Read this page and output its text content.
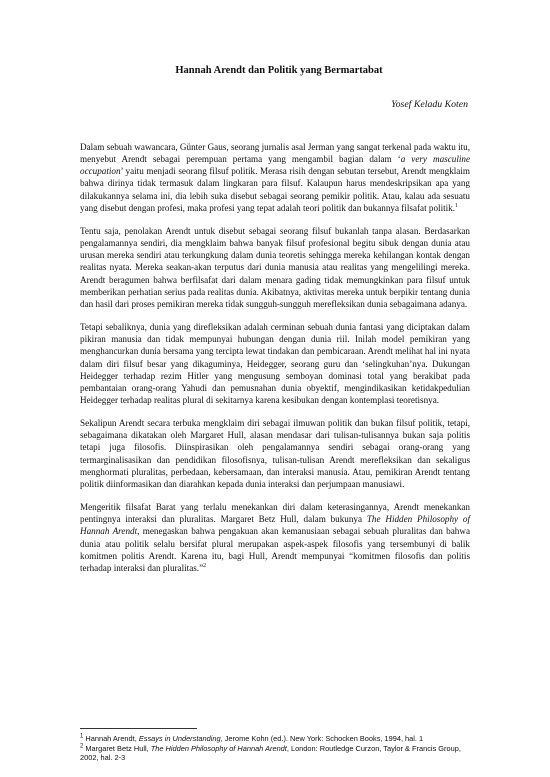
Hannah Arendt dan Politik yang Bermartabat
Yosef Keladu Koten

Dalam sebuah wawancara, Günter Gaus, seorang jurnalis asal Jerman yang sangat terkenal pada waktu itu, menyebut Arendt sebagai perempuan pertama yang mengambil bagian dalam ‘a very masculine occupation’ yaitu menjadi seorang filsuf politik. Merasa risih dengan sebutan tersebut, Arendt mengklaim bahwa dirinya tidak termasuk dalam lingkaran para filsuf. Kalaupun harus mendeskripsikan apa yang dilakukannya selama ini, dia lebih suka disebut sebagai seorang pemikir politik. Atau, kalau ada sesuatu yang disebut dengan profesi, maka profesi yang tepat adalah teori politik dan bukannya filsafat politik.$^1$

Tentu saja, penolakan Arendt untuk disebut sebagai seorang filsuf bukanlah tanpa alasan. Berdasarkan pengalamannya sendiri, dia mengklaim bahwa banyak filsuf profesional begitu sibuk dengan dunia atau urusan mereka sendiri atau terkungkung dalam dunia teoretis sehingga mereka kehilangan kontak dengan realitas nyata. Mereka seakan-akan terputus dari dunia manusia atau realitas yang mengelilingi mereka. Arendt beragumen bahwa berfilsafat dari dalam menara gading tidak memungkinkan para filsuf untuk memberikan perhatian serius pada realitas dunia. Akibatnya, aktivitas mereka untuk berpikir tentang dunia dan hasil dari proses pemikiran mereka tidak sungguh-sungguh merefleksikan dunia sebagaimana adanya.

Tetapi sebaliknya, dunia yang direfleksikan adalah cerminan sebuah dunia fantasi yang diciptakan dalam pikiran manusia dan tidak mempunyai hubungan dengan dunia riil. Inilah model pemikiran yang menghancurkan dunia bersama yang tercipta lewat tindakan dan pembicaraan. Arendt melihat hal ini nyata dalam diri filsuf besar yang dikaguminya, Heidegger, seorang guru dan ‘selingkuhan’nya. Dukungan Heidegger terhadap rezim Hitler yang mengusung semboyan dominasi total yang berakibat pada pembantaian orang-orang Yahudi dan pemusnahan dunia obyektif, mengindikasikan ketidakpedulian Heidegger terhadap realitas plural di sekitarnya karena kesibukan dengan kontemplasi teoretisnya.

Sekalipun Arendt secara terbuka mengklaim diri sebagai ilmuwan politik dan bukan filsuf politik, tetapi, sebagaimana dikatakan oleh Margaret Hull, alasan mendasar dari tulisan-tulisannya bukan saja politis tetapi juga filosofis. Diinspirasikan oleh pengalamannya sendiri sebagai orang-orang yang termarginalisasikan dan pendidikan filosofisnya, tulisan-tulisan Arendt merefleksikan dan sekaligus menghormati pluralitas, perbedaan, kebersamaan, dan interaksi manusia. Atau, pemikiran Arendt tentang politik diinformasikan dan diarahkan kepada dunia interaksi dan perjumpaan manusiawi.

Mengeritik filsafat Barat yang terlalu menekankan diri dalam keterasingannya, Arendt menekankan pentingnya interaksi dan pluralitas. Margaret Betz Hull, dalam bukunya The Hidden Philosophy of Hannah Arendt, menegaskan bahwa pengakuan akan kemanusiaan sebagai sebuah pluralitas dan bahwa dunia atau politik selalu bersifat plural merupakan aspek-aspek filosofis yang tersembunyi di balik komitmen politis Arendt. Karena itu, bagi Hull, Arendt mempunyai “komitmen filosofis dan politis terhadap interaksi dan pluralitas.”$^2$

$^1$ Hannah Arendt, Essays in Understanding, Jerome Kohn (ed.). New York: Schocken Books, 1994, hal. 1

$^2$ Margaret Betz Hull, The Hidden Philosophy of Hannah Arendt, London: Routledge Curzon, Taylor & Francis Group, 2002, hal. 2-3
